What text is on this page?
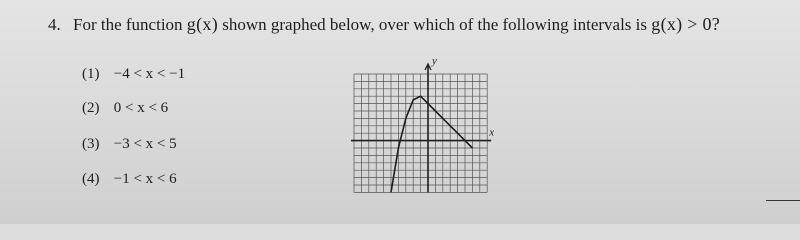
4. For the function g(x) shown graphed below, over which of the following intervals is g(x) > 0?
(1) −4 < x < −1
(2) 0 < x < 6
(3) −3 < x < 5
(4) −1 < x < 6
x
y
